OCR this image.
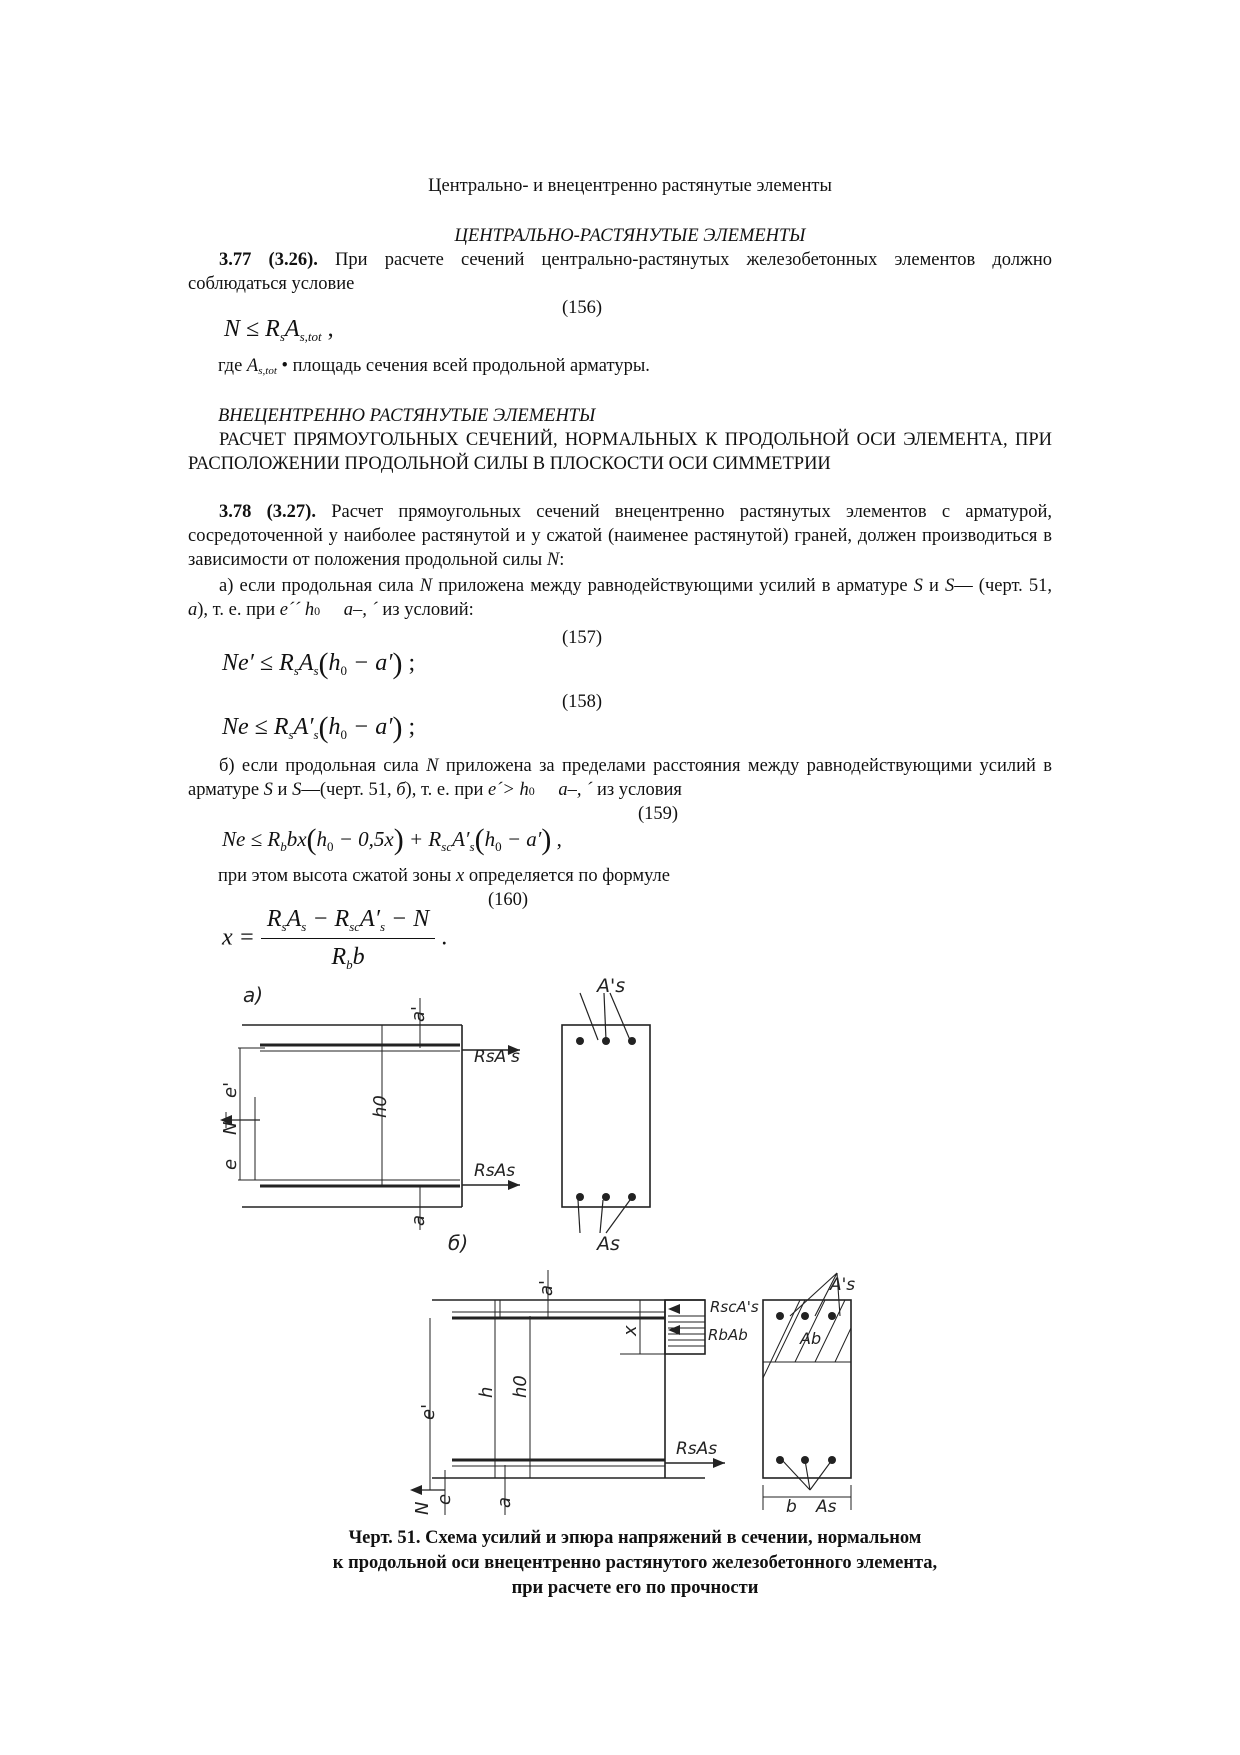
Центрально- и внецентренно растянутые элементы
ЦЕНТРАЛЬНО-РАСТЯНУТЫЕ ЭЛЕМЕНТЫ
3.77 (3.26). При расчете сечений центрально-растянутых железобетонных элементов должно соблюдаться условие
(156)
$N \le R_sA_{s,tot}$ ,
где $A_{s,tot}$ • площадь сечения всей продольной арматуры.
ВНЕЦЕНТРЕННО РАСТЯНУТЫЕ ЭЛЕМЕНТЫ
РАСЧЕТ ПРЯМОУГОЛЬНЫХ СЕЧЕНИЙ, НОРМАЛЬНЫХ К ПРОДОЛЬНОЙ ОСИ ЭЛЕМЕНТА, ПРИ РАСПОЛОЖЕНИИ ПРОДОЛЬНОЙ СИЛЫ В ПЛОСКОСТИ ОСИ СИММЕТРИИ
3.78 (3.27). Расчет прямоугольных сечений внецентренно растянутых элементов с арматурой, сосредоточенной у наиболее растянутой и у сжатой (наименее растянутой) граней, должен производиться в зависимости от положения продольной силы N:
а) если продольная сила N приложена между равнодействующими усилий в арматуре S и S— (черт. 51, а), т. е. при e´´ h0   a–, ´ из условий:
(157)
$Ne' \le R_sA_s(h_0 - a')$ ;
(158)
$Ne \le R_sA'_s(h_0 - a')$ ;
б) если продольная сила N приложена за пределами расстояния между равнодействующими усилий в арматуре S и S—(черт. 51, б), т. е. при e´> h0   a–, ´ из условия
(159)
$Ne \le R_bbx(h_0 - 0,5x) + R_{sc}A'_s(h_0 - a')$ ,
при этом высота сжатой зоны x определяется по формуле
(160)
$x = \frac{R_sA_s - R_{sc}A'_s - N}{R_bb}$ .
a)
б)
A's
As
RsA's
RsAs
e'
e
N
h0
a'
a
A's
As
Ab
RscA's
RbAb
RsAs
b
e'
e
N
h h0
a'
a
x
Черт. 51. Схема усилий и эпюра напряжений в сечении, нормальном
к продольной оси внецентренно растянутого железобетонного элемента,
при расчете его по прочности
